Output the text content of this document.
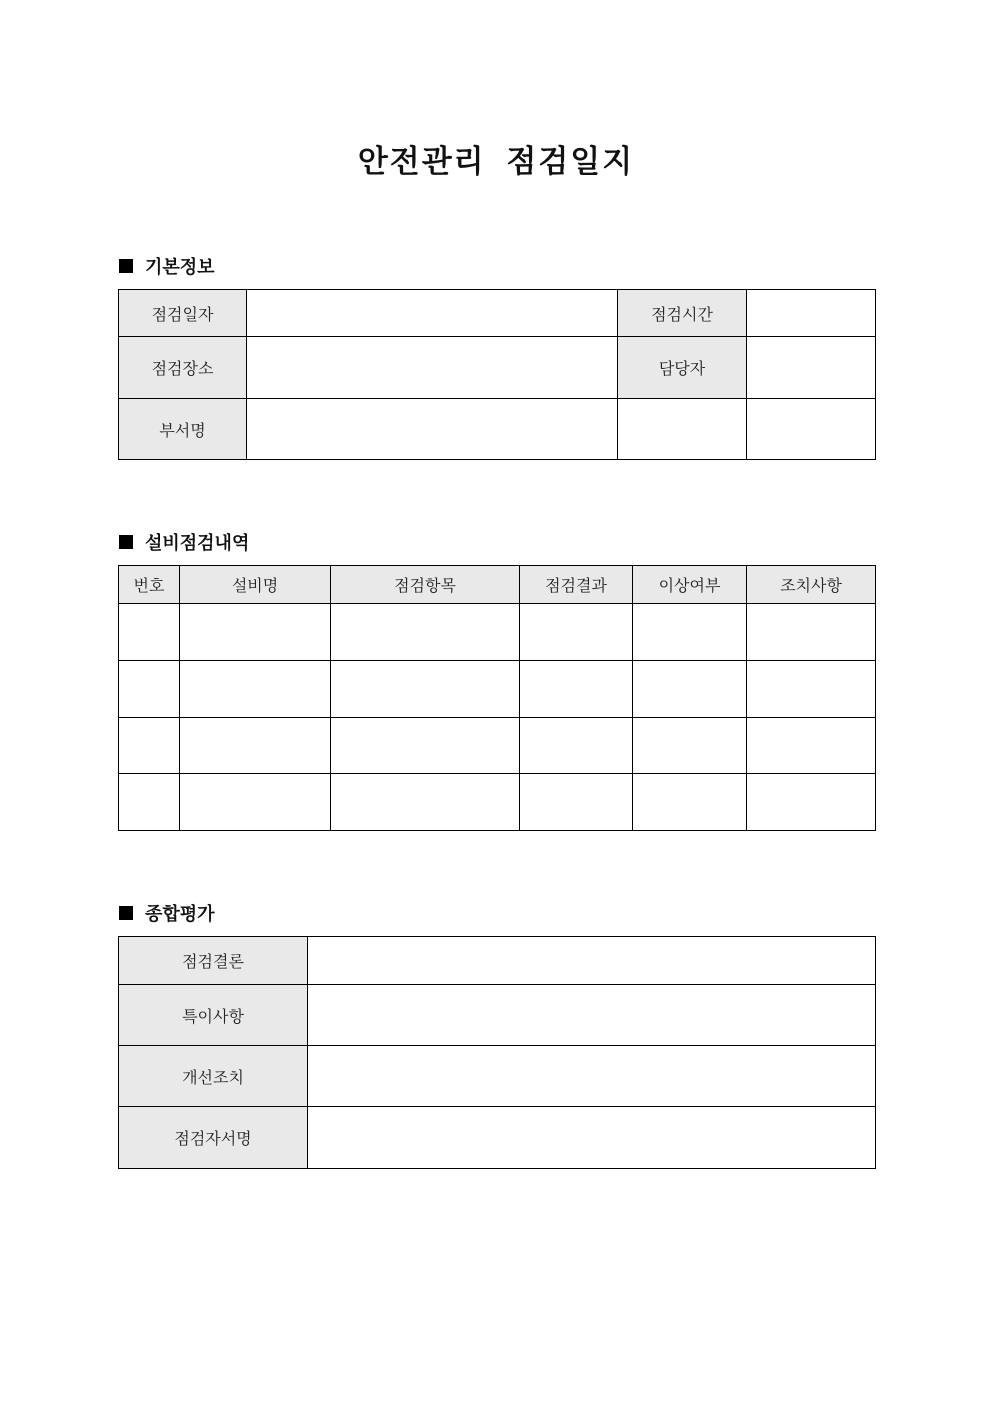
안전관리 점검일지
기본정보
점검일자		점검시간	
점검장소		담당자	
부서명			
설비점검내역
번호	설비명	점검항목	점검결과	이상여부	조치사항

종합평가
점검결론	
특이사항	
개선조치	
점검자서명	
